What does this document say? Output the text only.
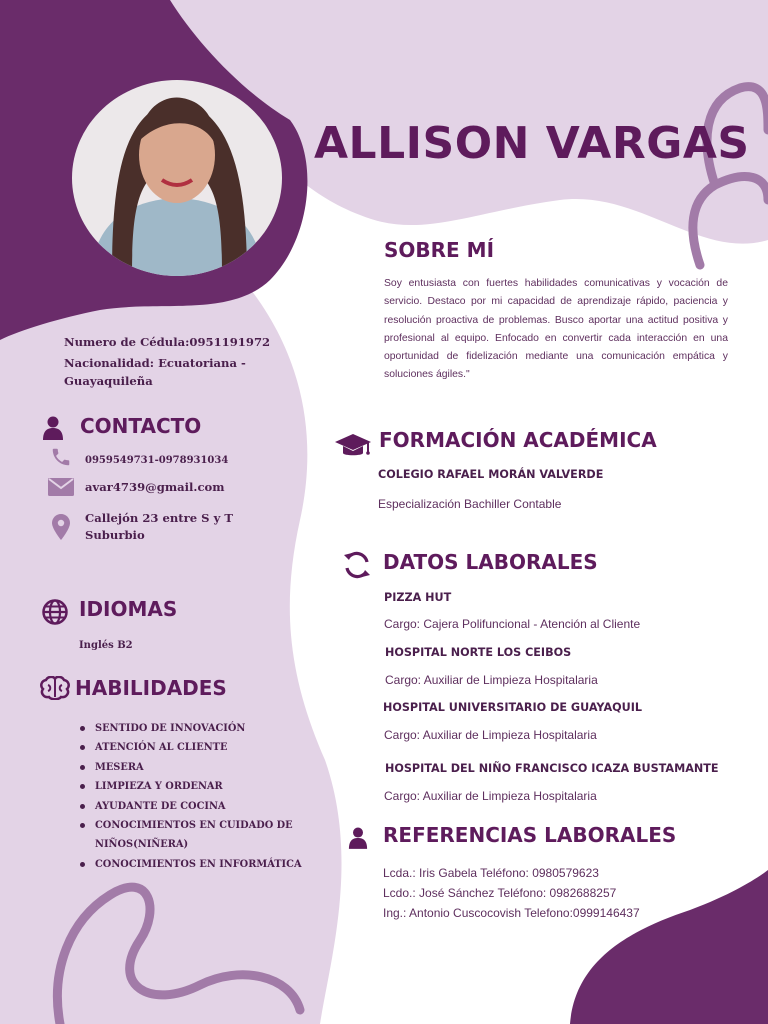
ALLISON VARGAS
SOBRE MÍ
Soy entusiasta con fuertes habilidades comunicativas y vocación de servicio. Destaco por mi capacidad de aprendizaje rápido, paciencia y resolución proactiva de problemas. Busco aportar una actitud positiva y profesional al equipo. Enfocado en convertir cada interacción en una oportunidad de fidelización mediante una comunicación empática y soluciones ágiles."
Numero de Cédula:0951191972
Nacionalidad: Ecuatoriana -Guayaquileña
CONTACTO
0959549731-0978931034
avar4739@gmail.com
Callejón 23 entre S y T Suburbio
IDIOMAS
Inglés B2
HABILIDADES
SENTIDO DE INNOVACIÓN
ATENCIÓN AL CLIENTE
MESERA
LIMPIEZA Y ORDENAR
AYUDANTE DE COCINA
CONOCIMIENTOS EN CUIDADO DE NIÑOS(NIÑERA)
CONOCIMIENTOS EN INFORMÁTICA
FORMACIÓN ACADÉMICA
COLEGIO RAFAEL MORÁN VALVERDE
Especialización Bachiller Contable
DATOS LABORALES
PIZZA HUT
Cargo: Cajera Polifuncional - Atención al Cliente
HOSPITAL NORTE LOS CEIBOS
Cargo: Auxiliar de Limpieza Hospitalaria
HOSPITAL UNIVERSITARIO DE GUAYAQUIL
Cargo: Auxiliar de Limpieza Hospitalaria
HOSPITAL DEL NIÑO FRANCISCO ICAZA BUSTAMANTE
Cargo: Auxiliar de Limpieza Hospitalaria
REFERENCIAS LABORALES
Lcda.: Iris Gabela Teléfono: 0980579623
Lcdo.: José Sánchez Teléfono: 0982688257
Ing.: Antonio Cuscocovish Telefono:0999146437
